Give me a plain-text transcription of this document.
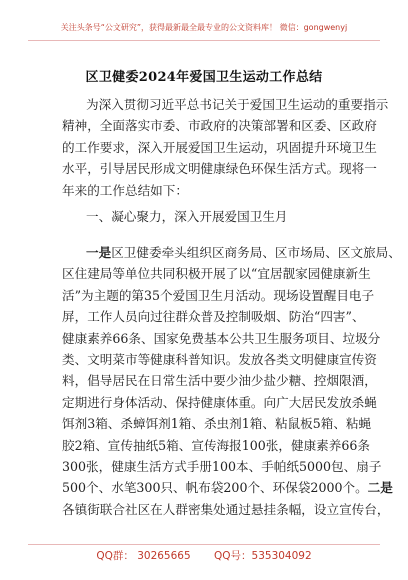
关注头条号“公文研究”，获得最新最全最专业的公文资料库！ 微信：gongwenyj
区卫健委2024年爱国卫生运动工作总结
为深入贯彻习近平总书记关于爱国卫生运动的重要指示
精神，全面落实市委、市政府的决策部署和区委、区政府
的工作要求，深入开展爱国卫生运动，巩固提升环境卫生
水平，引导居民形成文明健康绿色环保生活方式。现将一
年来的工作总结如下：
一、凝心聚力，深入开展爱国卫生月
一是区卫健委牵头组织区商务局、区市场局、区文旅局、
区住建局等单位共同积极开展了以“宜居靓家园健康新生
活”为主题的第35个爱国卫生月活动。现场设置醒目电子
屏，工作人员向过往群众普及控制吸烟、防治“四害”、
健康素养66条、国家免费基本公共卫生服务项目、垃圾分
类、文明菜市等健康科普知识。发放各类文明健康宣传资
料，倡导居民在日常生活中要少油少盐少糖、控烟限酒，
定期进行身体活动、保持健康体重。向广大居民发放杀蝇
饵剂3箱、杀蟑饵剂1箱、杀虫剂1箱、粘鼠板5箱、粘蝇
胶2箱、宣传抽纸5箱、宣传海报100张，健康素养66条
300张，健康生活方式手册100本、手帕纸5000包、扇子
500个、水笔300只、帆布袋200个、环保袋2000个。二是
各镇街联合社区在人群密集处通过悬挂条幅，设立宣传台，
QQ群： 30265665 QQ号：535304092
